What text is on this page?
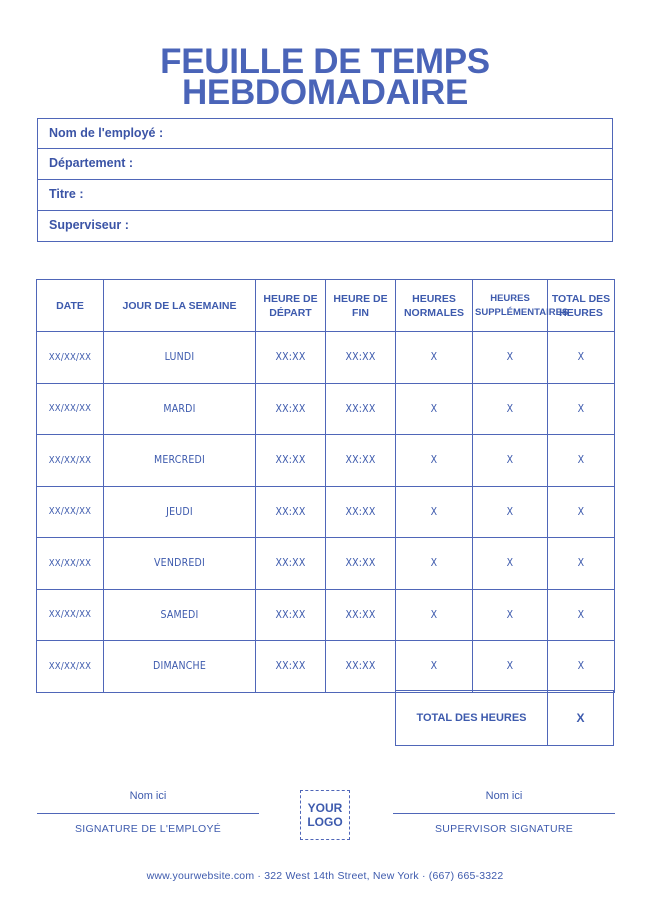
FEUILLE DE TEMPS
HEBDOMADAIRE
Nom de l'employé :
Département :
Titre :
Superviseur :
DATE	JOUR DE LA SEMAINE	HEURE DE DÉPART	HEURE DE FIN	HEURES NORMALES	HEURES SUPPLÉMENTAIRES	TOTAL DES HEURES
XX/XX/XX	LUNDI	XX:XX	XX:XX	X	X	X
XX/XX/XX	MARDI	XX:XX	XX:XX	X	X	X
XX/XX/XX	MERCREDI	XX:XX	XX:XX	X	X	X
XX/XX/XX	JEUDI	XX:XX	XX:XX	X	X	X
XX/XX/XX	VENDREDI	XX:XX	XX:XX	X	X	X
XX/XX/XX	SAMEDI	XX:XX	XX:XX	X	X	X
XX/XX/XX	DIMANCHE	XX:XX	XX:XX	X	X	X
TOTAL DES HEURES	X
Nom ici
SIGNATURE DE L'EMPLOYÉ
YOUR
LOGO
Nom ici
SUPERVISOR SIGNATURE
www.yourwebsite.com · 322 West 14th Street, New York · (667) 665-3322
